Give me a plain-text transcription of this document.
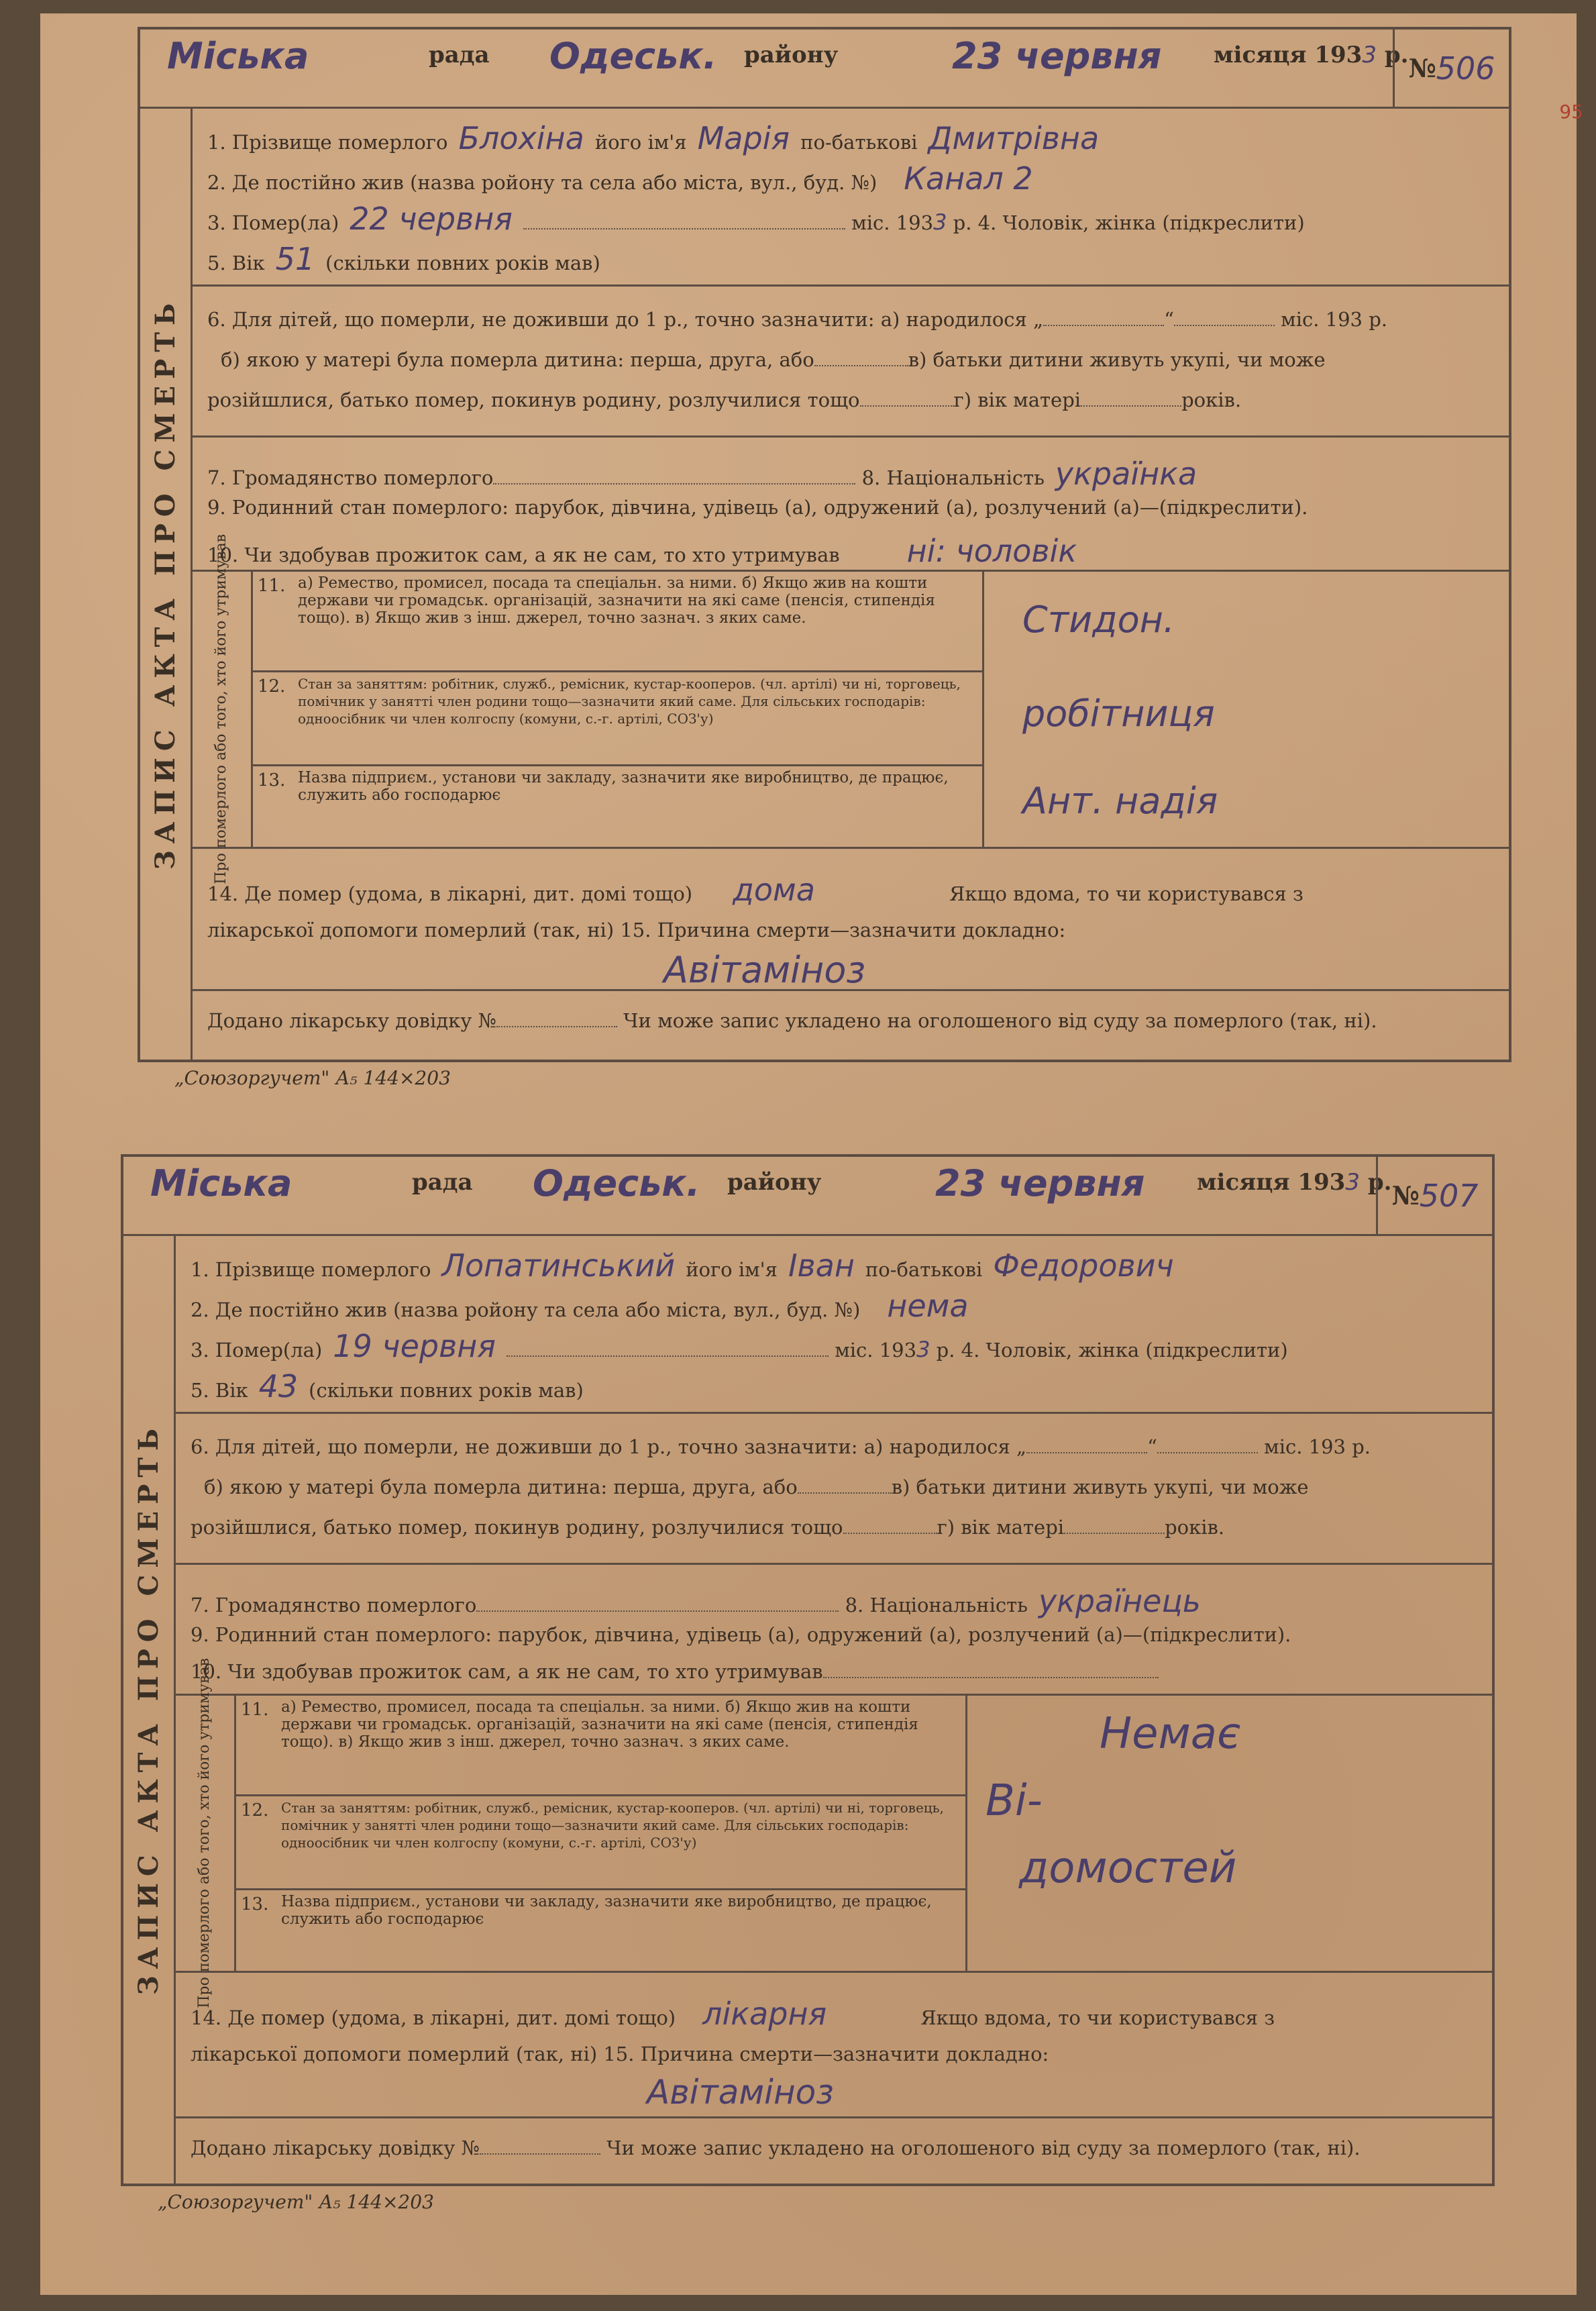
95
Міська	рада Одеськ. району	23 червня місяця 1933 р. № 506
ЗАПИС АКТА ПРО СМЕРТЬ
1. Прізвище померлого Блохіна його ім'я Марія по-батькові Дмитрівна
2. Де постійно жив (назва ройону та села або міста, вул., буд. №) Канал 2
3. Помер(ла) 22 червня	міс. 1933 р. 4. Чоловік, жінка (підкреслити)
5. Вік 51 (скільки повних років мав)
6. Для дітей, що померли, не доживши до 1 р., точно зазначити: а) народилося „	“	міс. 193 р.
б) якою у матері була померла дитина: перша, друга, або	в) батьки дитини живуть укупі, чи може
розійшлися, батько помер, покинув родину, розлучилися тощо	г) вік матері	років.
7. Громадянство померлого	8. Національність українка
9. Родинний стан померлого: парубок, дівчина, удівець (а), одружений (а), розлучений (а)—(підкреслити).
10. Чи здобував прожиток сам, а як не сам, то хто утримував ні: чоловік
Про померлого або того, хто його утримував 11. а) Ремество, промисел, посада та спеціальн. за ними. б) Якщо жив на кошти держави чи громадськ. організацій, зазначити на які саме (пенсія, стипендія тощо). в) Якщо жив з інш. джерел, точно зазнач. з яких саме.
12. Стан за заняттям: робітник, служб., ремісник, кустар-кооперов. (чл. артілі) чи ні, торговець, помічник у занятті член родини тощо—зазначити який саме. Для сільських господарів: одноосібник чи член колгоспу (комуни, с.-г. артілі, СОЗ'у)
13. Назва підприєм., установи чи закладу, зазначити яке виробництво, де працює, служить або господарює
Стидон.
робітниця
Ант. надія
14. Де помер (удома, в лікарні, дит. домі тощо) дома	Якщо вдома, то чи користувався з
лікарської допомоги померлий (так, ні) 15. Причина смерти—зазначити докладно:
Авітаміноз
Додано лікарську довідку №	Чи може запис укладено на оголошеного від суду за померлого (так, ні).
„Союзоргучет" А₅ 144×203
Міська	рада Одеськ. району	23 червня місяця 1933 р. № 507
ЗАПИС АКТА ПРО СМЕРТЬ
1. Прізвище померлого Лопатинський його ім'я Іван по-батькові Федорович
2. Де постійно жив (назва ройону та села або міста, вул., буд. №) нема
3. Помер(ла) 19 червня	міс. 1933 р. 4. Чоловік, жінка (підкреслити)
5. Вік 43 (скільки повних років мав)
6. Для дітей, що померли, не доживши до 1 р., точно зазначити: а) народилося „	“	міс. 193 р.
б) якою у матері була померла дитина: перша, друга, або	в) батьки дитини живуть укупі, чи може
розійшлися, батько помер, покинув родину, розлучилися тощо	г) вік матері	років.
7. Громадянство померлого	8. Національність українець
9. Родинний стан померлого: парубок, дівчина, удівець (а), одружений (а), розлучений (а)—(підкреслити).
10. Чи здобував прожиток сам, а як не сам, то хто утримував
Про померлого або того, хто його утримував 11. а) Ремество, промисел, посада та спеціальн. за ними. б) Якщо жив на кошти держави чи громадськ. організацій, зазначити на які саме (пенсія, стипендія тощо). в) Якщо жив з інш. джерел, точно зазнач. з яких саме.
12. Стан за заняттям: робітник, служб., ремісник, кустар-кооперов. (чл. артілі) чи ні, торговець, помічник у занятті член родини тощо—зазначити який саме. Для сільських господарів: одноосібник чи член колгоспу (комуни, с.-г. артілі, СОЗ'у)
13. Назва підприєм., установи чи закладу, зазначити яке виробництво, де працює, служить або господарює
Немає
Ві-
домостей
14. Де помер (удома, в лікарні, дит. домі тощо) лікарня	Якщо вдома, то чи користувався з
лікарської допомоги померлий (так, ні) 15. Причина смерти—зазначити докладно:
Авітаміноз
Додано лікарську довідку №	Чи може запис укладено на оголошеного від суду за померлого (так, ні).
„Союзоргучет" А₅ 144×203
